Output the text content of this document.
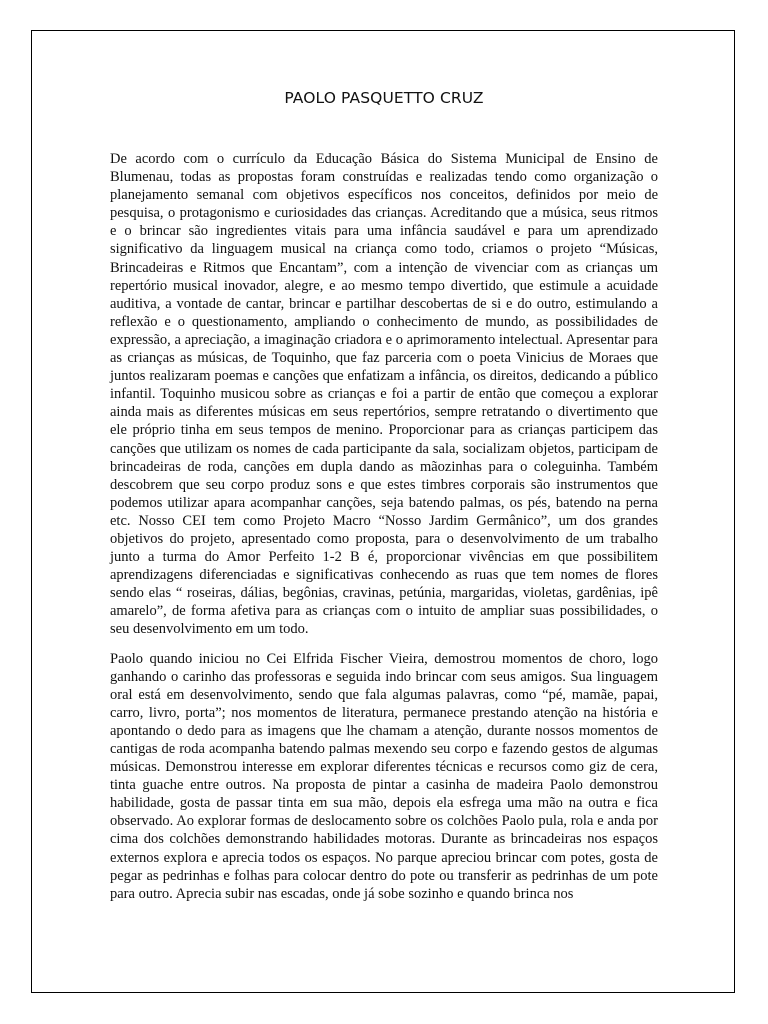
PAOLO PASQUETTO CRUZ

De acordo com o currículo da Educação Básica do Sistema Municipal de Ensino de Blumenau, todas as propostas foram construídas e realizadas tendo como organização o planejamento semanal com objetivos específicos nos conceitos, definidos por meio de pesquisa, o protagonismo e curiosidades das crianças. Acreditando que a música, seus ritmos e o brincar são ingredientes vitais para uma infância saudável e para um aprendizado significativo da linguagem musical na criança como todo, criamos o projeto “Músicas, Brincadeiras e Ritmos que Encantam”, com a intenção de vivenciar com as crianças um repertório musical inovador, alegre, e ao mesmo tempo divertido, que estimule a acuidade auditiva, a vontade de cantar, brincar e partilhar descobertas de si e do outro, estimulando a reflexão e o questionamento, ampliando o conhecimento de mundo, as possibilidades de expressão, a apreciação, a imaginação criadora e o aprimoramento intelectual. Apresentar para as crianças as músicas, de Toquinho, que faz parceria com o poeta Vinicius de Moraes que juntos realizaram poemas e canções que enfatizam a infância, os direitos, dedicando a público infantil. Toquinho musicou sobre as crianças e foi a partir de então que começou a explorar ainda mais as diferentes músicas em seus repertórios, sempre retratando o divertimento que ele próprio tinha em seus tempos de menino. Proporcionar para as crianças participem das canções que utilizam os nomes de cada participante da sala, socializam objetos, participam de brincadeiras de roda, canções em dupla dando as mãozinhas para o coleguinha. Também descobrem que seu corpo produz sons e que estes timbres corporais são instrumentos que podemos utilizar apara acompanhar canções, seja batendo palmas, os pés, batendo na perna etc. Nosso CEI tem como Projeto Macro “Nosso Jardim Germânico”, um dos grandes objetivos do projeto, apresentado como proposta, para o desenvolvimento de um trabalho junto a turma do Amor Perfeito 1-2 B é, proporcionar vivências em que possibilitem aprendizagens diferenciadas e significativas conhecendo as ruas que tem nomes de flores sendo elas “ roseiras, dálias, begônias, cravinas, petúnia, margaridas, violetas, gardênias, ipê amarelo”, de forma afetiva para as crianças com o intuito de ampliar suas possibilidades, o seu desenvolvimento em um todo.

Paolo quando iniciou no Cei Elfrida Fischer Vieira, demostrou momentos de choro, logo ganhando o carinho das professoras e seguida indo brincar com seus amigos. Sua linguagem oral está em desenvolvimento, sendo que fala algumas palavras, como “pé, mamãe, papai, carro, livro, porta”; nos momentos de literatura, permanece prestando atenção na história e apontando o dedo para as imagens que lhe chamam a atenção, durante nossos momentos de cantigas de roda acompanha batendo palmas mexendo seu corpo e fazendo gestos de algumas músicas. Demonstrou interesse em explorar diferentes técnicas e recursos como giz de cera, tinta guache entre outros. Na proposta de pintar a casinha de madeira Paolo demonstrou habilidade, gosta de passar tinta em sua mão, depois ela esfrega uma mão na outra e fica observado. Ao explorar formas de deslocamento sobre os colchões Paolo pula, rola e anda por cima dos colchões demonstrando habilidades motoras. Durante as brincadeiras nos espaços externos explora e aprecia todos os espaços. No parque apreciou brincar com potes, gosta de pegar as pedrinhas e folhas para colocar dentro do pote ou transferir as pedrinhas de um pote para outro. Aprecia subir nas escadas, onde já sobe sozinho e quando brinca nos
